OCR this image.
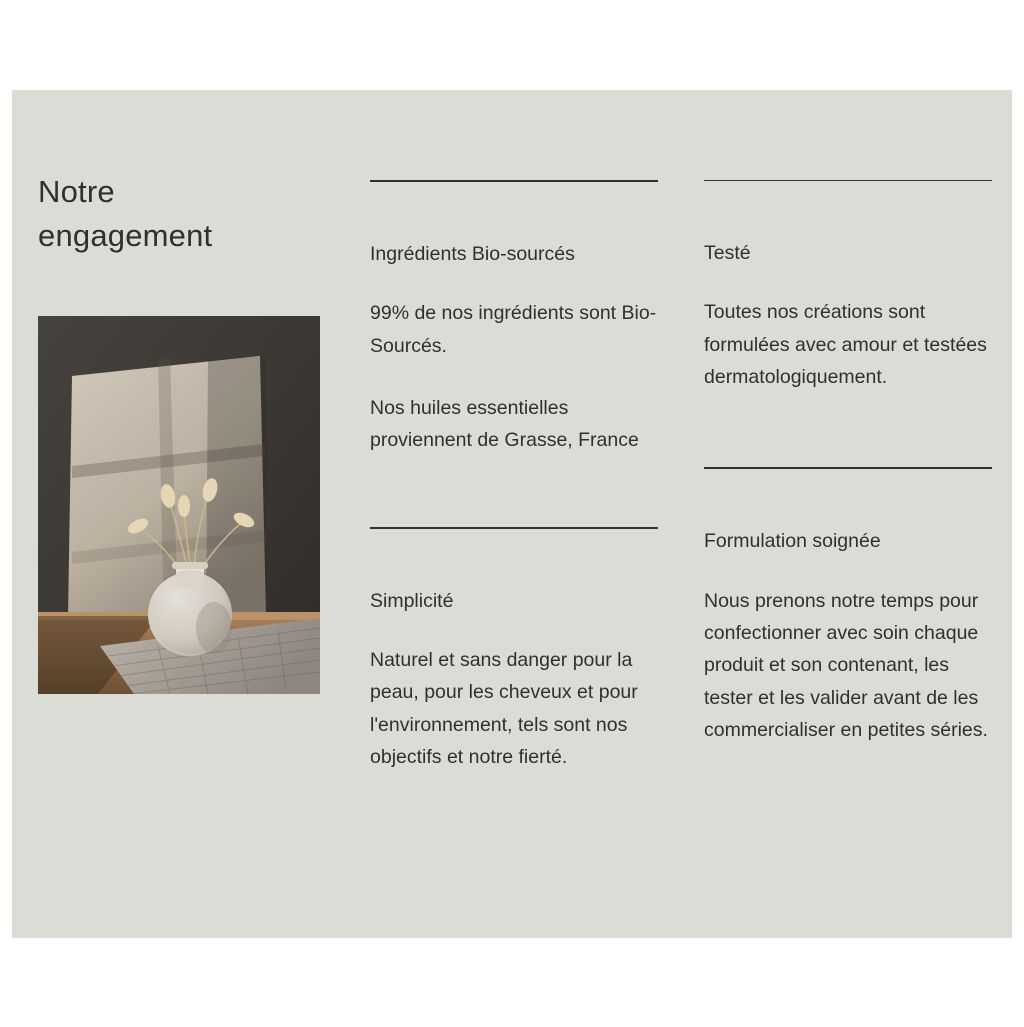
Notre
engagement

Ingrédients Bio-sourcés

99% de nos ingrédients sont Bio-Sourcés.

Nos huiles essentielles proviennent de Grasse, France

Simplicité

Naturel et sans danger pour la peau, pour les cheveux et pour l'environnement, tels sont nos objectifs et notre fierté.

Testé

Toutes nos créations sont formulées avec amour et testées dermatologiquement.

Formulation soignée

Nous prenons notre temps pour confectionner avec soin chaque produit et son contenant, les tester et les valider avant de les commercialiser en petites séries.
